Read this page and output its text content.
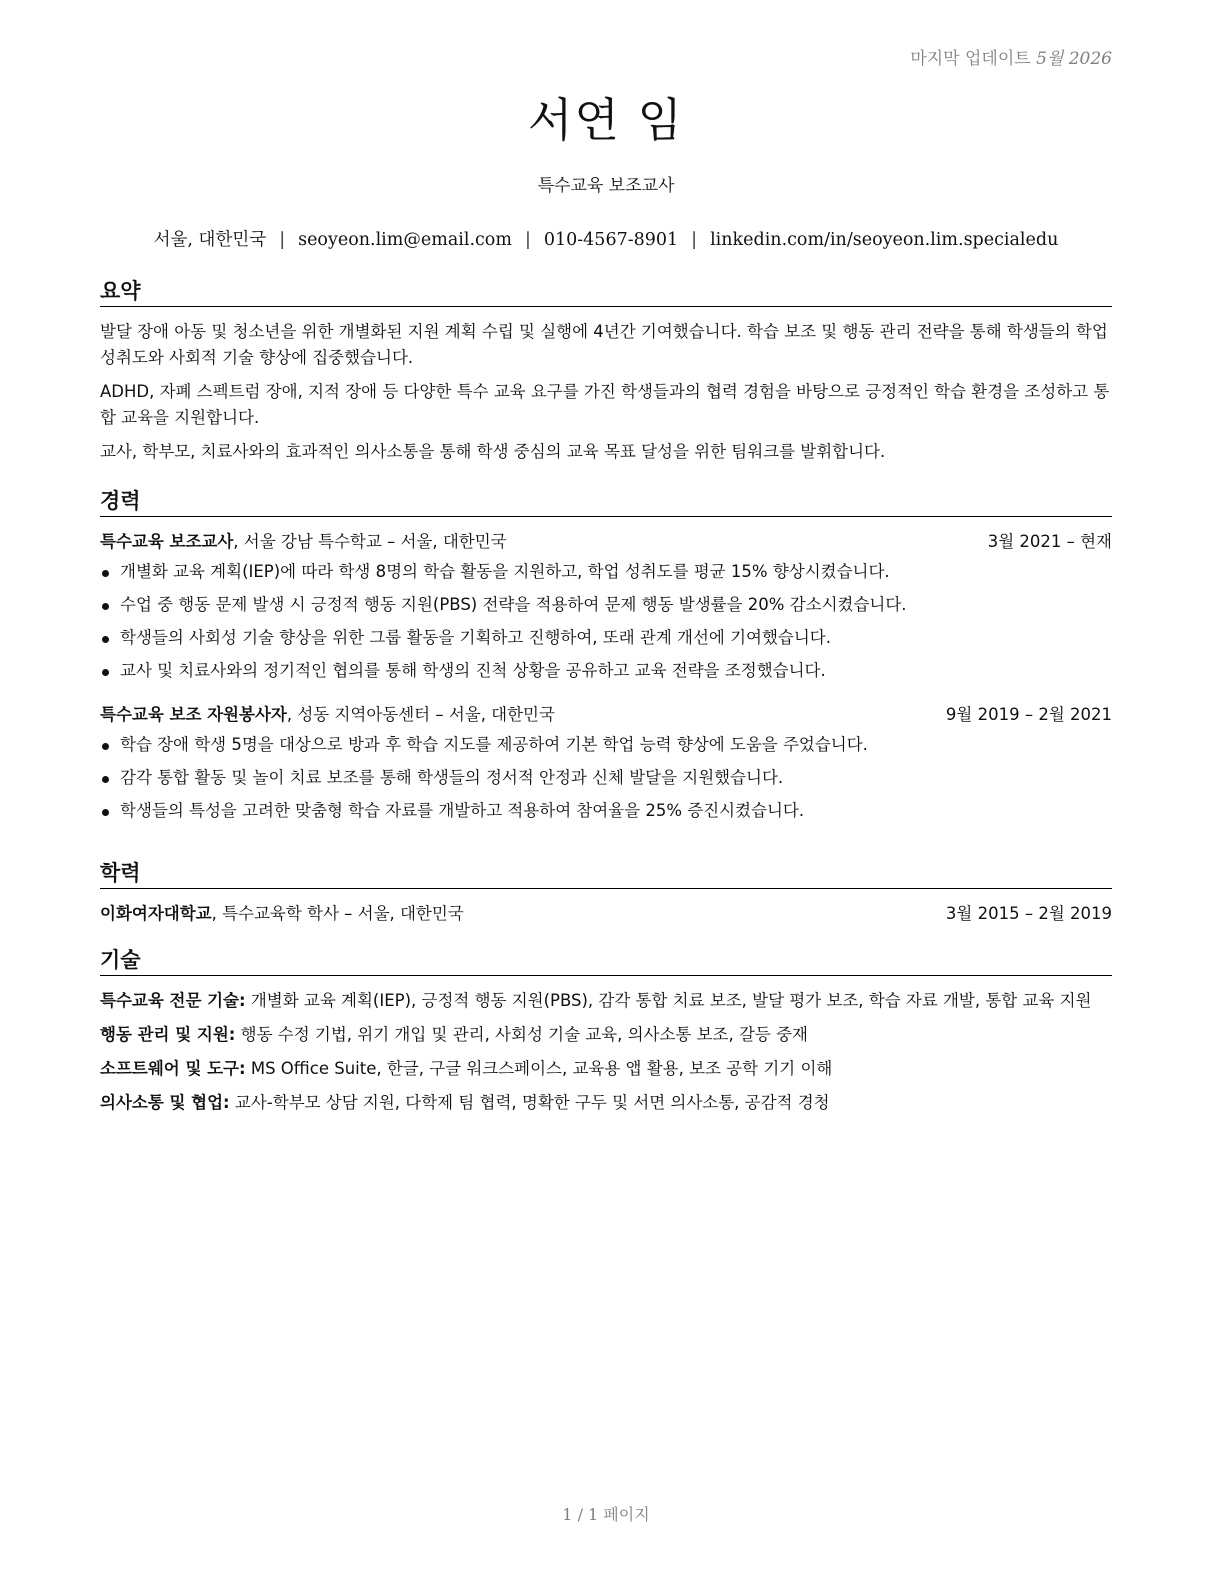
마지막 업데이트 5월 2026
서연 임
특수교육 보조교사
서울, 대한민국 | seoyeon.lim@email.com | 010-4567-8901 | linkedin.com/in/seoyeon.lim.specialedu
요약
발달 장애 아동 및 청소년을 위한 개별화된 지원 계획 수립 및 실행에 4년간 기여했습니다. 학습 보조 및 행동 관리 전략을 통해 학생들의 학업 성취도와 사회적 기술 향상에 집중했습니다.
ADHD, 자폐 스펙트럼 장애, 지적 장애 등 다양한 특수 교육 요구를 가진 학생들과의 협력 경험을 바탕으로 긍정적인 학습 환경을 조성하고 통합 교육을 지원합니다.
교사, 학부모, 치료사와의 효과적인 의사소통을 통해 학생 중심의 교육 목표 달성을 위한 팀워크를 발휘합니다.
경력
특수교육 보조교사, 서울 강남 특수학교 – 서울, 대한민국	3월 2021 – 현재
개별화 교육 계획(IEP)에 따라 학생 8명의 학습 활동을 지원하고, 학업 성취도를 평균 15% 향상시켰습니다.
수업 중 행동 문제 발생 시 긍정적 행동 지원(PBS) 전략을 적용하여 문제 행동 발생률을 20% 감소시켰습니다.
학생들의 사회성 기술 향상을 위한 그룹 활동을 기획하고 진행하여, 또래 관계 개선에 기여했습니다.
교사 및 치료사와의 정기적인 협의를 통해 학생의 진척 상황을 공유하고 교육 전략을 조정했습니다.
특수교육 보조 자원봉사자, 성동 지역아동센터 – 서울, 대한민국	9월 2019 – 2월 2021
학습 장애 학생 5명을 대상으로 방과 후 학습 지도를 제공하여 기본 학업 능력 향상에 도움을 주었습니다.
감각 통합 활동 및 놀이 치료 보조를 통해 학생들의 정서적 안정과 신체 발달을 지원했습니다.
학생들의 특성을 고려한 맞춤형 학습 자료를 개발하고 적용하여 참여율을 25% 증진시켰습니다.
학력
이화여자대학교, 특수교육학 학사 – 서울, 대한민국	3월 2015 – 2월 2019
기술
특수교육 전문 기술: 개별화 교육 계획(IEP), 긍정적 행동 지원(PBS), 감각 통합 치료 보조, 발달 평가 보조, 학습 자료 개발, 통합 교육 지원
행동 관리 및 지원: 행동 수정 기법, 위기 개입 및 관리, 사회성 기술 교육, 의사소통 보조, 갈등 중재
소프트웨어 및 도구: MS Office Suite, 한글, 구글 워크스페이스, 교육용 앱 활용, 보조 공학 기기 이해
의사소통 및 협업: 교사-학부모 상담 지원, 다학제 팀 협력, 명확한 구두 및 서면 의사소통, 공감적 경청
1 / 1 페이지
